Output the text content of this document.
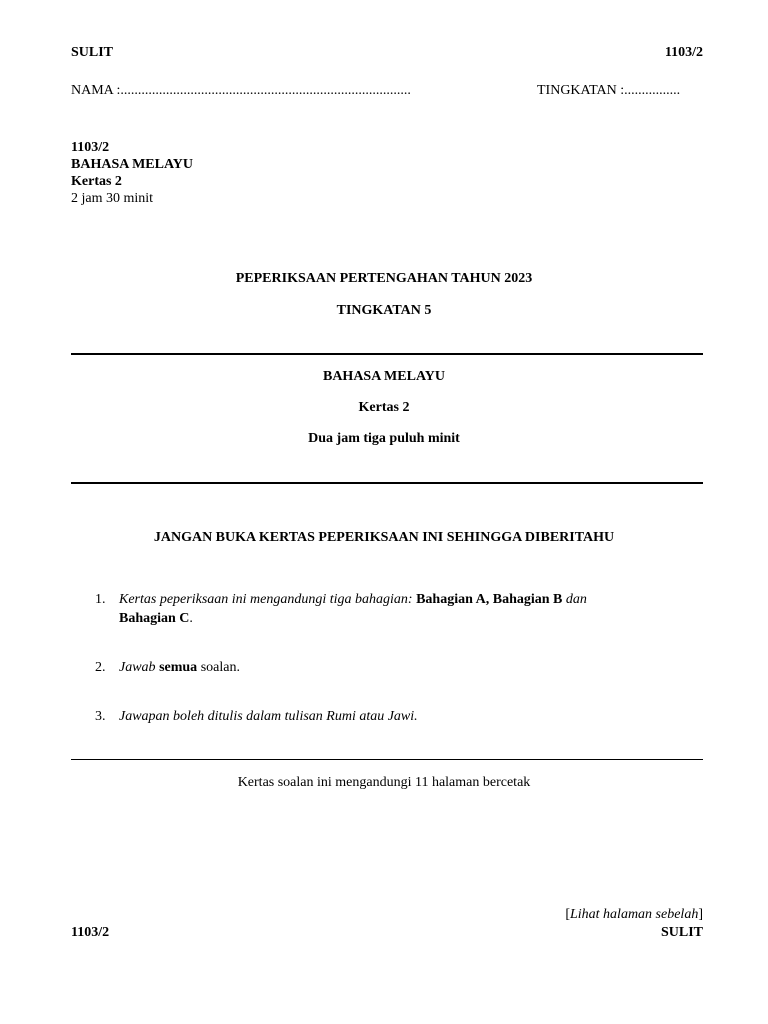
SULIT	1103/2
NAMA :...................................................................................	TINGKATAN :................
1103/2
BAHASA MELAYU
Kertas 2
2 jam 30 minit
PEPERIKSAAN PERTENGAHAN TAHUN 2023
TINGKATAN 5
BAHASA MELAYU
Kertas 2
Dua jam tiga puluh minit
JANGAN BUKA KERTAS PEPERIKSAAN INI SEHINGGA DIBERITAHU
1. Kertas peperiksaan ini mengandungi tiga bahagian: Bahagian A, Bahagian B dan
Bahagian C.
2. Jawab semua soalan.
3. Jawapan boleh ditulis dalam tulisan Rumi atau Jawi.
Kertas soalan ini mengandungi 11 halaman bercetak
[Lihat halaman sebelah]
1103/2	SULIT
